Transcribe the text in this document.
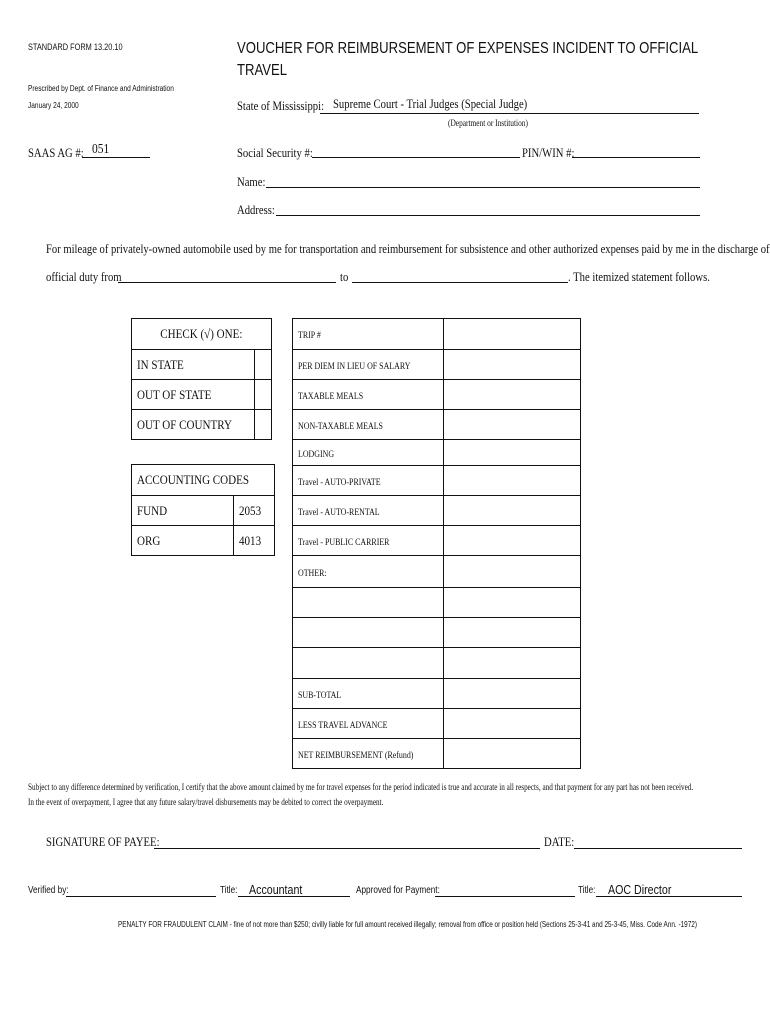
STANDARD FORM 13.20.10
Prescribed by Dept. of Finance and Administration
January 24, 2000
VOUCHER FOR REIMBURSEMENT OF EXPENSES INCIDENT TO OFFICIAL
TRAVEL
State of Mississippi: Supreme Court - Trial Judges (Special Judge)
(Department or Institution)
SAAS AG #: 051	Social Security #:	PIN/WIN #:
Name:
Address:
For mileage of privately-owned automobile used by me for transportation and reimbursement for subsistence and other authorized expenses paid by me in the discharge of
official duty from	to	. The itemized statement follows.
CHECK (√) ONE:	
IN STATE	
OUT OF STATE	
OUT OF COUNTRY	
ACCOUNTING CODES	
FUND	2053
ORG	4013
TRIP #	
PER DIEM IN LIEU OF SALARY	
TAXABLE MEALS	
NON-TAXABLE MEALS	
LODGING	
Travel - AUTO-PRIVATE	
Travel - AUTO-RENTAL	
Travel - PUBLIC CARRIER	
OTHER:	

SUB-TOTAL	
LESS TRAVEL ADVANCE	
NET REIMBURSEMENT (Refund)	
Subject to any difference determined by verification, I certify that the above amount claimed by me for travel expenses for the period indicated is true and accurate in all respects, and that payment for any part has not been received.
In the event of overpayment, I agree that any future salary/travel disbursements may be debited to correct the overpayment.
SIGNATURE OF PAYEE:	DATE:
Verified by:	Title: Accountant	Approved for Payment:	Title: AOC Director
PENALTY FOR FRAUDULENT CLAIM - fine of not more than $250; civilly liable for full amount received illegally; removal from office or position held (Sections 25-3-41 and 25-3-45, Miss. Code Ann. -1972)
